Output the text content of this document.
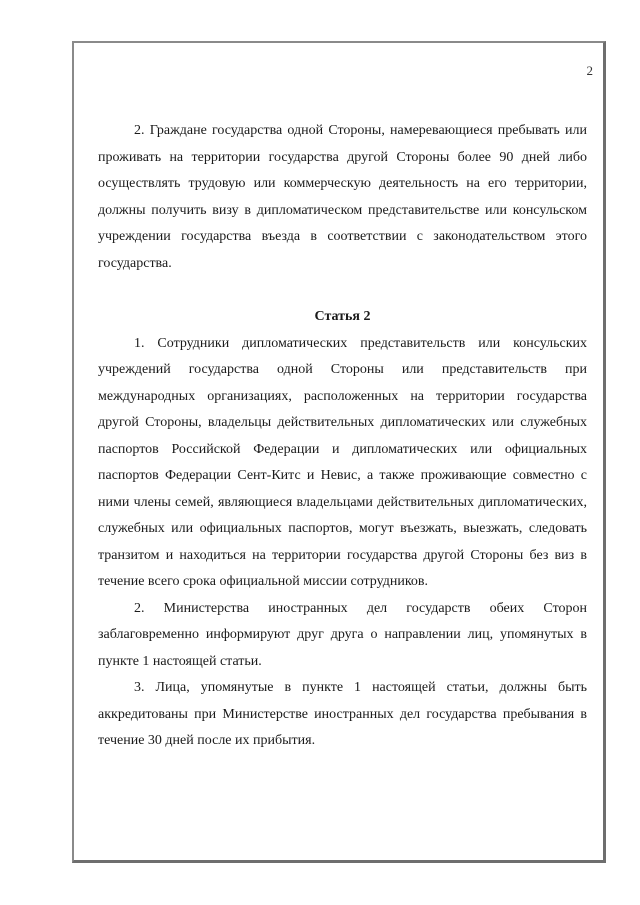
2

2. Граждане государства одной Стороны, намеревающиеся пребывать или проживать на территории государства другой Стороны более 90 дней либо осуществлять трудовую или коммерческую деятельность на его территории, должны получить визу в дипломатическом представительстве или консульском учреждении государства въезда в соответствии с законодательством этого государства.

Статья 2

1. Сотрудники дипломатических представительств или консульских учреждений государства одной Стороны или представительств при международных организациях, расположенных на территории государства другой Стороны, владельцы действительных дипломатических или служебных паспортов Российской Федерации и дипломатических или официальных паспортов Федерации Сент-Китс и Невис, а также проживающие совместно с ними члены семей, являющиеся владельцами действительных дипломатических, служебных или официальных паспортов, могут въезжать, выезжать, следовать транзитом и находиться на территории государства другой Стороны без виз в течение всего срока официальной миссии сотрудников.

2. Министерства иностранных дел государств обеих Сторон заблаговременно информируют друг друга о направлении лиц, упомянутых в пункте 1 настоящей статьи.

3. Лица, упомянутые в пункте 1 настоящей статьи, должны быть аккредитованы при Министерстве иностранных дел государства пребывания в течение 30 дней после их прибытия.
